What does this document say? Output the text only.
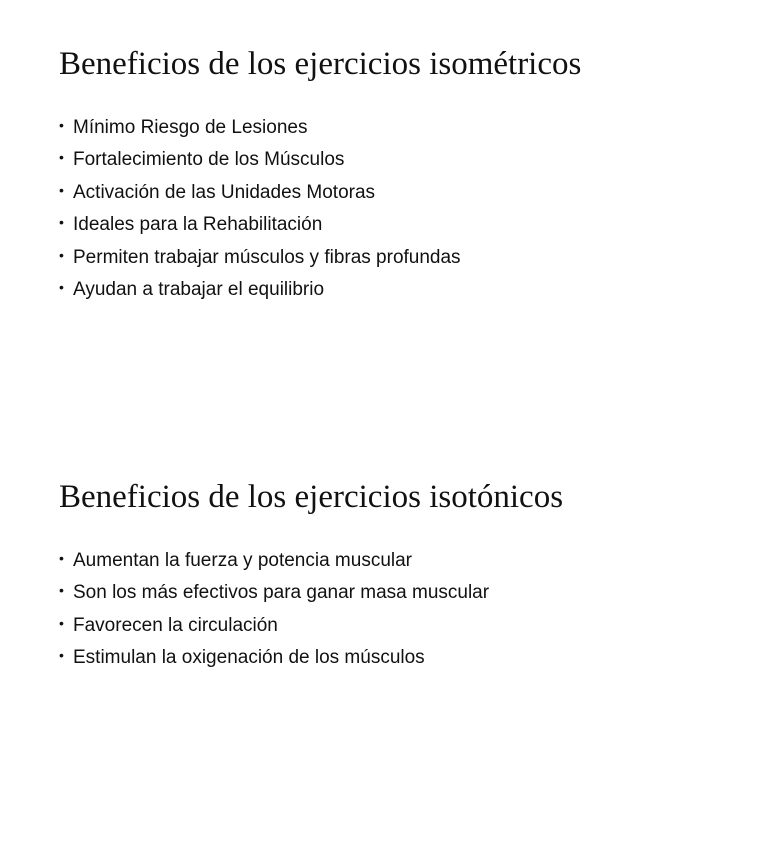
Beneficios de los ejercicios isométricos
• Mínimo Riesgo de Lesiones
• Fortalecimiento de los Músculos
• Activación de las Unidades Motoras
• Ideales para la Rehabilitación
• Permiten trabajar músculos y fibras profundas
• Ayudan a trabajar el equilibrio
Beneficios de los ejercicios isotónicos
• Aumentan la fuerza y potencia muscular
• Son los más efectivos para ganar masa muscular
• Favorecen la circulación
• Estimulan la oxigenación de los músculos
